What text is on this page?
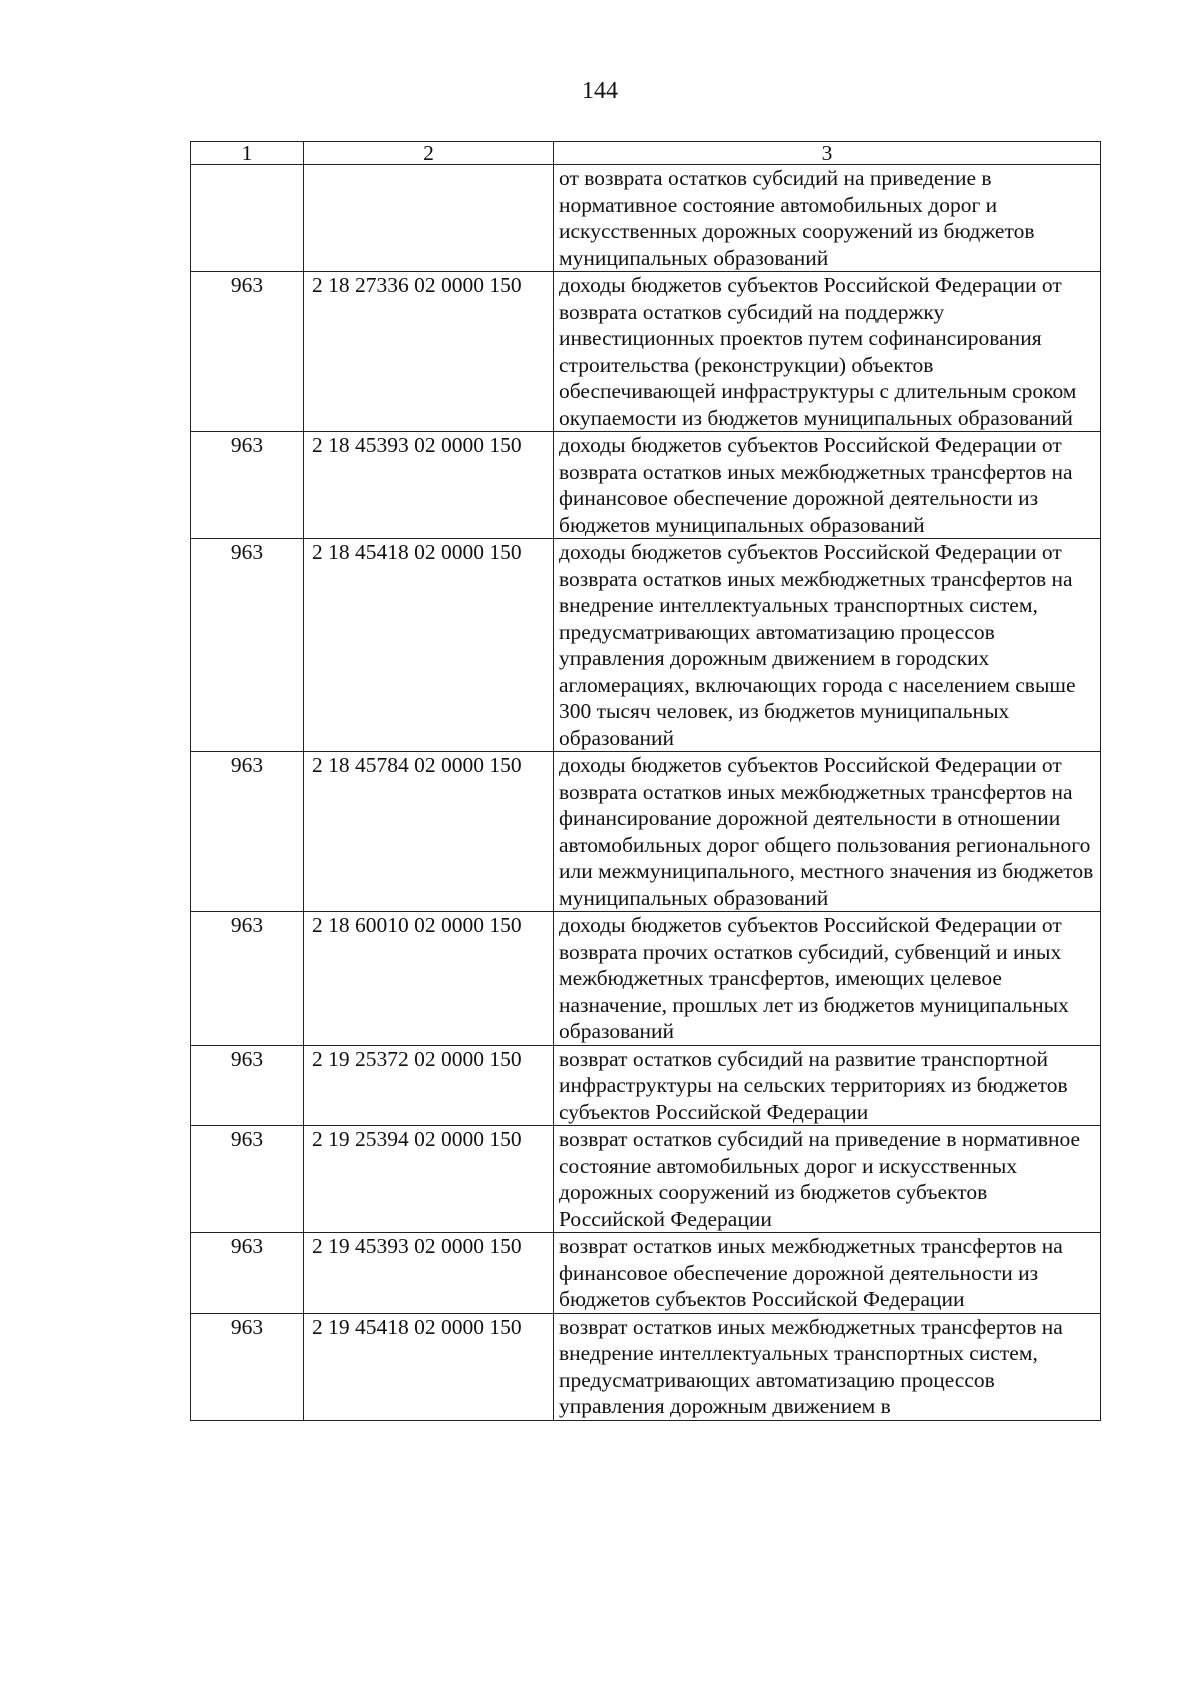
144
1	2	3
		от возврата остатков субсидий на приведение в нормативное состояние автомобильных дорог и искусственных дорожных сооружений из бюджетов муниципальных образований
963	2 18 27336 02 0000 150	доходы бюджетов субъектов Российской Федерации от возврата остатков субсидий на поддержку инвестиционных проектов путем софинансирования строительства (реконструкции) объектов обеспечивающей инфраструктуры с длительным сроком окупаемости из бюджетов муниципальных образований
963	2 18 45393 02 0000 150	доходы бюджетов субъектов Российской Федерации от возврата остатков иных межбюджетных трансфертов на финансовое обеспечение дорожной деятельности из бюджетов муниципальных образований
963	2 18 45418 02 0000 150	доходы бюджетов субъектов Российской Федерации от возврата остатков иных межбюджетных трансфертов на внедрение интеллектуальных транспортных систем, предусматривающих автоматизацию процессов управления дорожным движением в городских агломерациях, включающих города с населением свыше 300 тысяч человек, из бюджетов муниципальных образований
963	2 18 45784 02 0000 150	доходы бюджетов субъектов Российской Федерации от возврата остатков иных межбюджетных трансфертов на финансирование дорожной деятельности в отношении автомобильных дорог общего пользования регионального или межмуниципального, местного значения из бюджетов муниципальных образований
963	2 18 60010 02 0000 150	доходы бюджетов субъектов Российской Федерации от возврата прочих остатков субсидий, субвенций и иных межбюджетных трансфертов, имеющих целевое назначение, прошлых лет из бюджетов муниципальных образований
963	2 19 25372 02 0000 150	возврат остатков субсидий на развитие транспортной инфраструктуры на сельских территориях из бюджетов субъектов Российской Федерации
963	2 19 25394 02 0000 150	возврат остатков субсидий на приведение в нормативное состояние автомобильных дорог и искусственных дорожных сооружений из бюджетов субъектов Российской Федерации
963	2 19 45393 02 0000 150	возврат остатков иных межбюджетных трансфертов на финансовое обеспечение дорожной деятельности из бюджетов субъектов Российской Федерации
963	2 19 45418 02 0000 150	возврат остатков иных межбюджетных трансфертов на внедрение интеллектуальных транспортных систем, предусматривающих автоматизацию процессов управления дорожным движением в
